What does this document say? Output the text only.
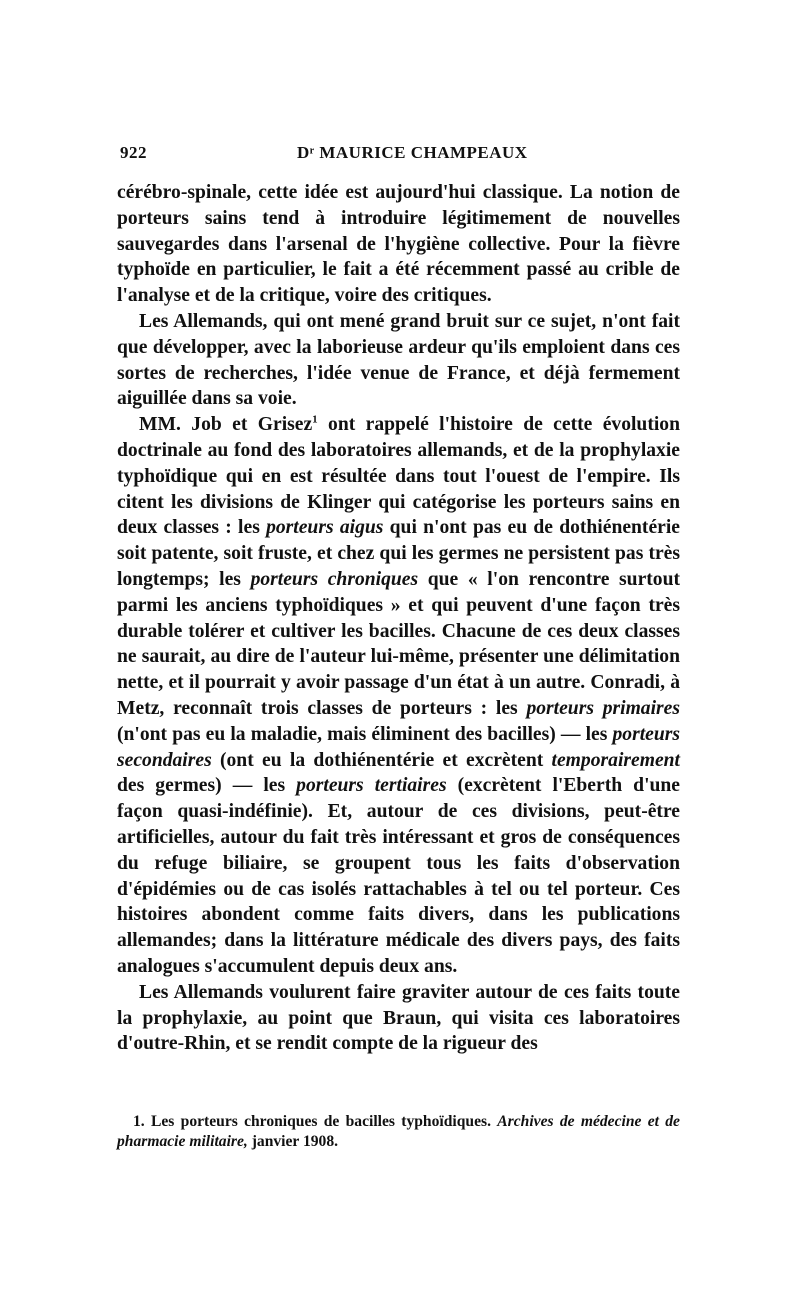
922	Dʳ MAURICE CHAMPEAUX

cérébro-spinale, cette idée est aujourd'hui classique. La notion de porteurs sains tend à introduire légitimement de nouvelles sauvegardes dans l'arsenal de l'hygiène collective. Pour la fièvre typhoïde en particulier, le fait a été récemment passé au crible de l'analyse et de la critique, voire des critiques.

Les Allemands, qui ont mené grand bruit sur ce sujet, n'ont fait que développer, avec la laborieuse ardeur qu'ils emploient dans ces sortes de recherches, l'idée venue de France, et déjà fermement aiguillée dans sa voie.

MM. Job et Grisez$^1$ ont rappelé l'histoire de cette évolution doctrinale au fond des laboratoires allemands, et de la prophylaxie typhoïdique qui en est résultée dans tout l'ouest de l'empire. Ils citent les divisions de Klinger qui catégorise les porteurs sains en deux classes : les porteurs aigus qui n'ont pas eu de dothiénentérie soit patente, soit fruste, et chez qui les germes ne persistent pas très longtemps; les porteurs chroniques que « l'on rencontre surtout parmi les anciens typhoïdiques » et qui peuvent d'une façon très durable tolérer et cultiver les bacilles. Chacune de ces deux classes ne saurait, au dire de l'auteur lui-même, présenter une délimitation nette, et il pourrait y avoir passage d'un état à un autre. Conradi, à Metz, reconnaît trois classes de porteurs : les porteurs primaires (n'ont pas eu la maladie, mais éliminent des bacilles) — les porteurs secondaires (ont eu la dothiénentérie et excrètent temporairement des germes) — les porteurs tertiaires (excrètent l'Eberth d'une façon quasi-indéfinie). Et, autour de ces divisions, peut-être artificielles, autour du fait très intéressant et gros de conséquences du refuge biliaire, se groupent tous les faits d'observation d'épidémies ou de cas isolés rattachables à tel ou tel porteur. Ces histoires abondent comme faits divers, dans les publications allemandes; dans la littérature médicale des divers pays, des faits analogues s'accumulent depuis deux ans.

Les Allemands voulurent faire graviter autour de ces faits toute la prophylaxie, au point que Braun, qui visita ces laboratoires d'outre-Rhin, et se rendit compte de la rigueur des

1. Les porteurs chroniques de bacilles typhoïdiques. Archives de médecine et de pharmacie militaire, janvier 1908.
